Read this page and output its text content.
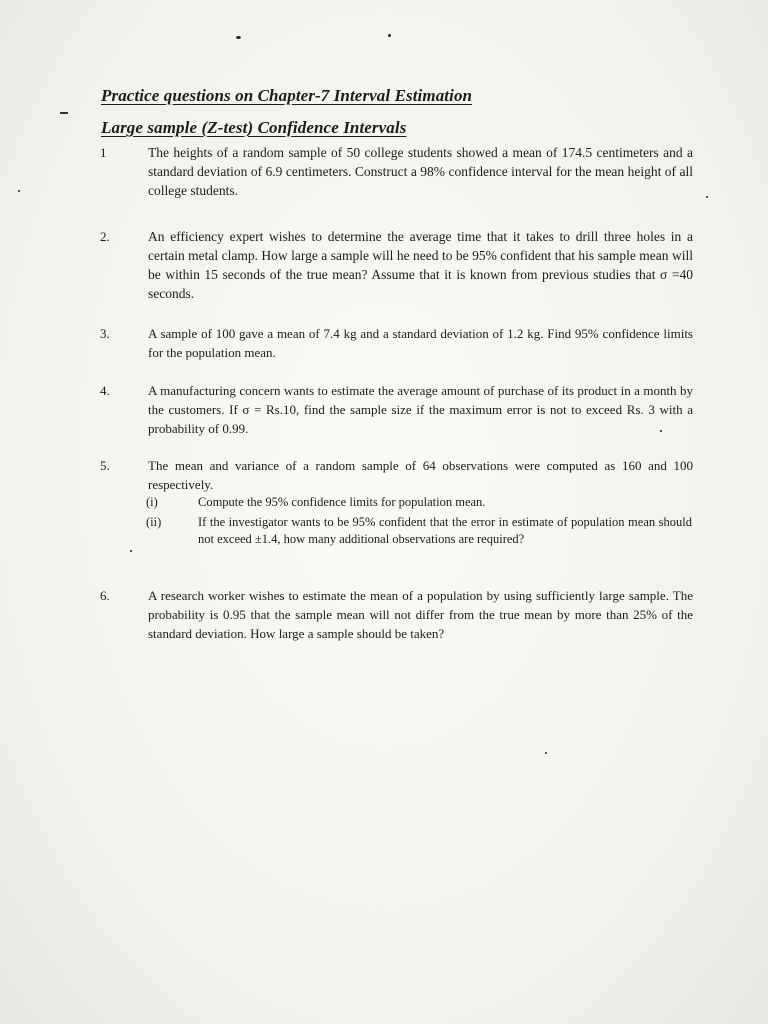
Practice questions on Chapter-7 Interval Estimation
Large sample (Z-test) Confidence Intervals
1	The heights of a random sample of 50 college students showed a mean of 174.5 centimeters and a standard deviation of 6.9 centimeters. Construct a 98% confidence interval for the mean height of all college students.
2.	An efficiency expert wishes to determine the average time that it takes to drill three holes in a certain metal clamp. How large a sample will he need to be 95% confident that his sample mean will be within 15 seconds of the true mean? Assume that it is known from previous studies that σ =40 seconds.
3.	A sample of 100 gave a mean of 7.4 kg and a standard deviation of 1.2 kg. Find 95% confidence limits for the population mean.
4.	A manufacturing concern wants to estimate the average amount of purchase of its product in a month by the customers. If σ = Rs.10, find the sample size if the maximum error is not to exceed Rs. 3 with a probability of 0.99.
5.	The mean and variance of a random sample of 64 observations were computed as 160 and 100 respectively.
(i)	Compute the 95% confidence limits for population mean.
(ii)	If the investigator wants to be 95% confident that the error in estimate of population mean should not exceed ±1.4, how many additional observations are required?
6.	A research worker wishes to estimate the mean of a population by using sufficiently large sample. The probability is 0.95 that the sample mean will not differ from the true mean by more than 25% of the standard deviation. How large a sample should be taken?
